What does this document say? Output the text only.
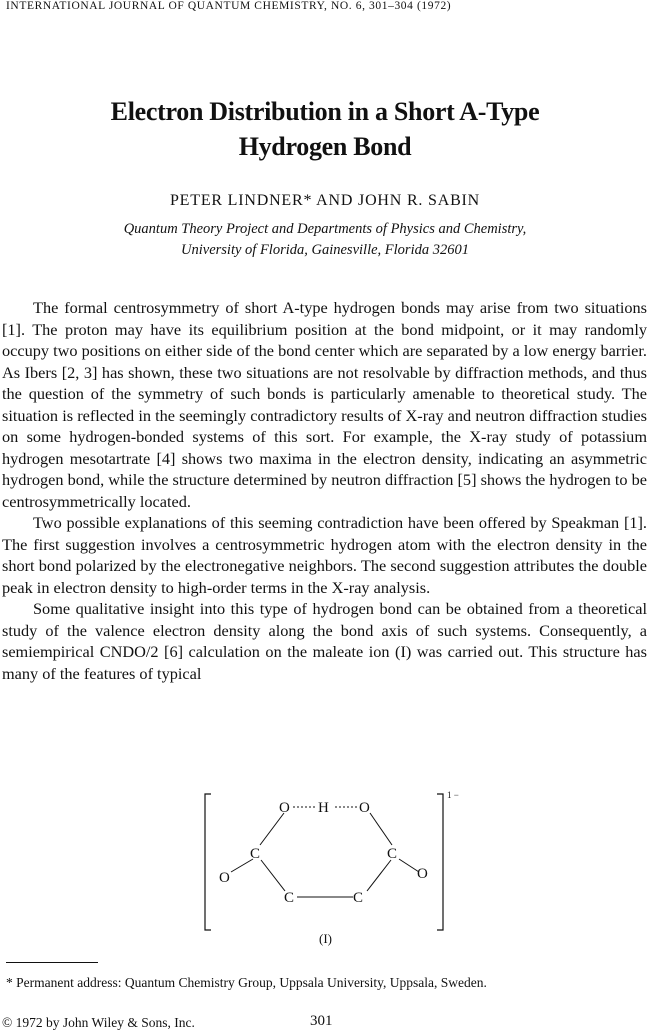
INTERNATIONAL JOURNAL OF QUANTUM CHEMISTRY, NO. 6, 301–304 (1972)
Electron Distribution in a Short A-Type
Hydrogen Bond
PETER LINDNER* AND JOHN R. SABIN
Quantum Theory Project and Departments of Physics and Chemistry,
University of Florida, Gainesville, Florida 32601

The formal centrosymmetry of short A-type hydrogen bonds may arise from two situations [1]. The proton may have its equilibrium position at the bond midpoint, or it may randomly occupy two positions on either side of the bond center which are separated by a low energy barrier. As Ibers [2, 3] has shown, these two situations are not resolvable by diffraction methods, and thus the question of the symmetry of such bonds is particularly amenable to theoretical study. The situation is reflected in the seemingly contradictory results of X-ray and neutron diffraction studies on some hydrogen-bonded systems of this sort. For example, the X-ray study of potassium hydrogen mesotartrate [4] shows two maxima in the electron density, indicating an asymmetric hydrogen bond, while the structure determined by neutron diffraction [5] shows the hydrogen to be centrosymmetrically located.

Two possible explanations of this seeming contradiction have been offered by Speakman [1]. The first suggestion involves a centrosymmetric hydrogen atom with the electron density in the short bond polarized by the electronegative neighbors. The second suggestion attributes the double peak in electron density to high-order terms in the X-ray analysis.

Some qualitative insight into this type of hydrogen bond can be obtained from a theoretical study of the valence electron density along the bond axis of such systems. Consequently, a semiempirical CNDO/2 [6] calculation on the maleate ion (I) was carried out. This structure has many of the features of typical

1 −
O H O
C	C
O	O
C	C
(I)
* Permanent address: Quantum Chemistry Group, Uppsala University, Uppsala, Sweden.
© 1972 by John Wiley & Sons, Inc.	301
